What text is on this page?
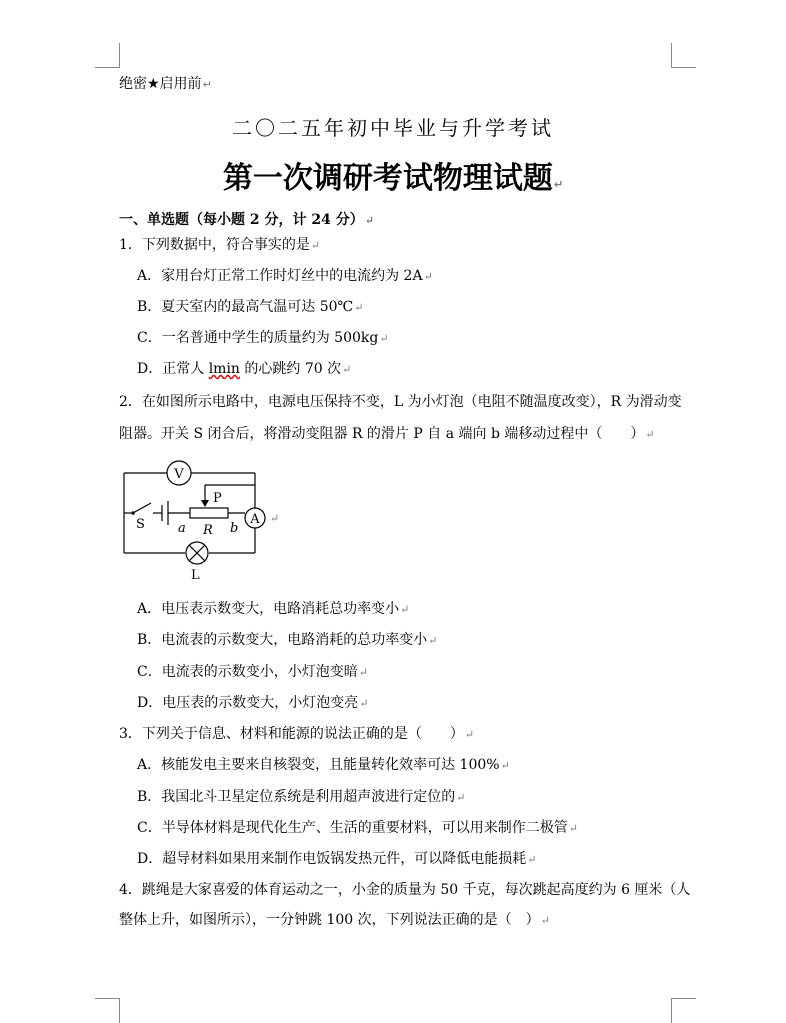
绝密★启用前↵
二〇二五年初中毕业与升学考试
第一次调研考试物理试题↵
一、单选题（每小题 2 分，计 24 分）↵
1．下列数据中，符合事实的是↵
A．家用台灯正常工作时灯丝中的电流约为 2A↵
B．夏天室内的最高气温可达 50℃↵
C．一名普通中学生的质量约为 500kg↵
D．正常人 lmin 的心跳约 70 次↵
2．在如图所示电路中，电源电压保持不变，L 为小灯泡（电阻不随温度改变），R 为滑动变
阻器。开关 S 闭合后，将滑动变阻器 R 的滑片 P 自 a 端向 b 端移动过程中（　　）↵
V
S
P
a R b
A
L
↵
A．电压表示数变大，电路消耗总功率变小↵
B．电流表的示数变大，电路消耗的总功率变小↵
C．电流表的示数变小，小灯泡变暗↵
D．电压表的示数变大，小灯泡变亮↵
3．下列关于信息、材料和能源的说法正确的是（　　）↵
A．核能发电主要来自核裂变，且能量转化效率可达 100%↵
B．我国北斗卫星定位系统是利用超声波进行定位的↵
C．半导体材料是现代化生产、生活的重要材料，可以用来制作二极管↵
D．超导材料如果用来制作电饭锅发热元件，可以降低电能损耗↵
4．跳绳是大家喜爱的体育运动之一，小金的质量为 50 千克，每次跳起高度约为 6 厘米（人
整体上升，如图所示），一分钟跳 100 次，下列说法正确的是（　）↵
